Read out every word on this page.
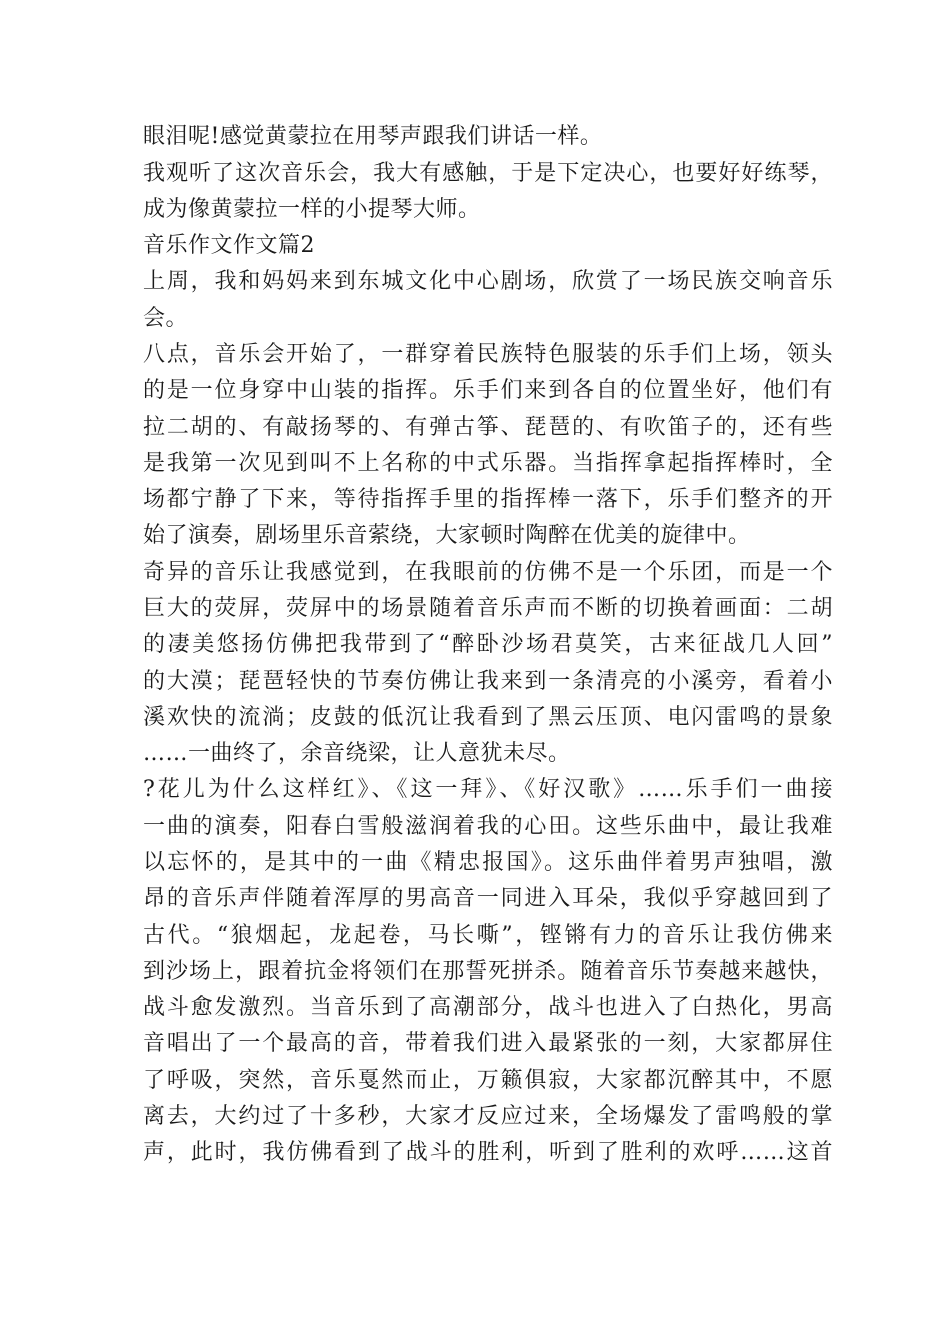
眼泪呢!感觉黄蒙拉在用琴声跟我们讲话一样。
我观听了这次音乐会，我大有感触，于是下定决心，也要好好练琴，
成为像黄蒙拉一样的小提琴大师。
音乐作文作文篇2
上周，我和妈妈来到东城文化中心剧场，欣赏了一场民族交响音乐
会。
八点，音乐会开始了，一群穿着民族特色服装的乐手们上场，领头
的是一位身穿中山装的指挥。乐手们来到各自的位置坐好，他们有
拉二胡的、有敲扬琴的、有弹古筝、琵琶的、有吹笛子的，还有些
是我第一次见到叫不上名称的中式乐器。当指挥拿起指挥棒时，全
场都宁静了下来，等待指挥手里的指挥棒一落下，乐手们整齐的开
始了演奏，剧场里乐音萦绕，大家顿时陶醉在优美的旋律中。
奇异的音乐让我感觉到，在我眼前的仿佛不是一个乐团，而是一个
巨大的荧屏，荧屏中的场景随着音乐声而不断的切换着画面：二胡
的凄美悠扬仿佛把我带到了“醉卧沙场君莫笑，古来征战几人回”
的大漠；琵琶轻快的节奏仿佛让我来到一条清亮的小溪旁，看着小
溪欢快的流淌；皮鼓的低沉让我看到了黑云压顶、电闪雷鸣的景象
……一曲终了，余音绕梁，让人意犹未尽。
?花儿为什么这样红》、《这一拜》、《好汉歌》……乐手们一曲接
一曲的演奏，阳春白雪般滋润着我的心田。这些乐曲中，最让我难
以忘怀的，是其中的一曲《精忠报国》。这乐曲伴着男声独唱，激
昂的音乐声伴随着浑厚的男高音一同进入耳朵，我似乎穿越回到了
古代。“狼烟起，龙起卷，马长嘶”，铿锵有力的音乐让我仿佛来
到沙场上，跟着抗金将领们在那誓死拼杀。随着音乐节奏越来越快，
战斗愈发激烈。当音乐到了高潮部分，战斗也进入了白热化，男高
音唱出了一个最高的音，带着我们进入最紧张的一刻，大家都屏住
了呼吸，突然，音乐戛然而止，万籁俱寂，大家都沉醉其中，不愿
离去，大约过了十多秒，大家才反应过来，全场爆发了雷鸣般的掌
声，此时，我仿佛看到了战斗的胜利，听到了胜利的欢呼……这首
